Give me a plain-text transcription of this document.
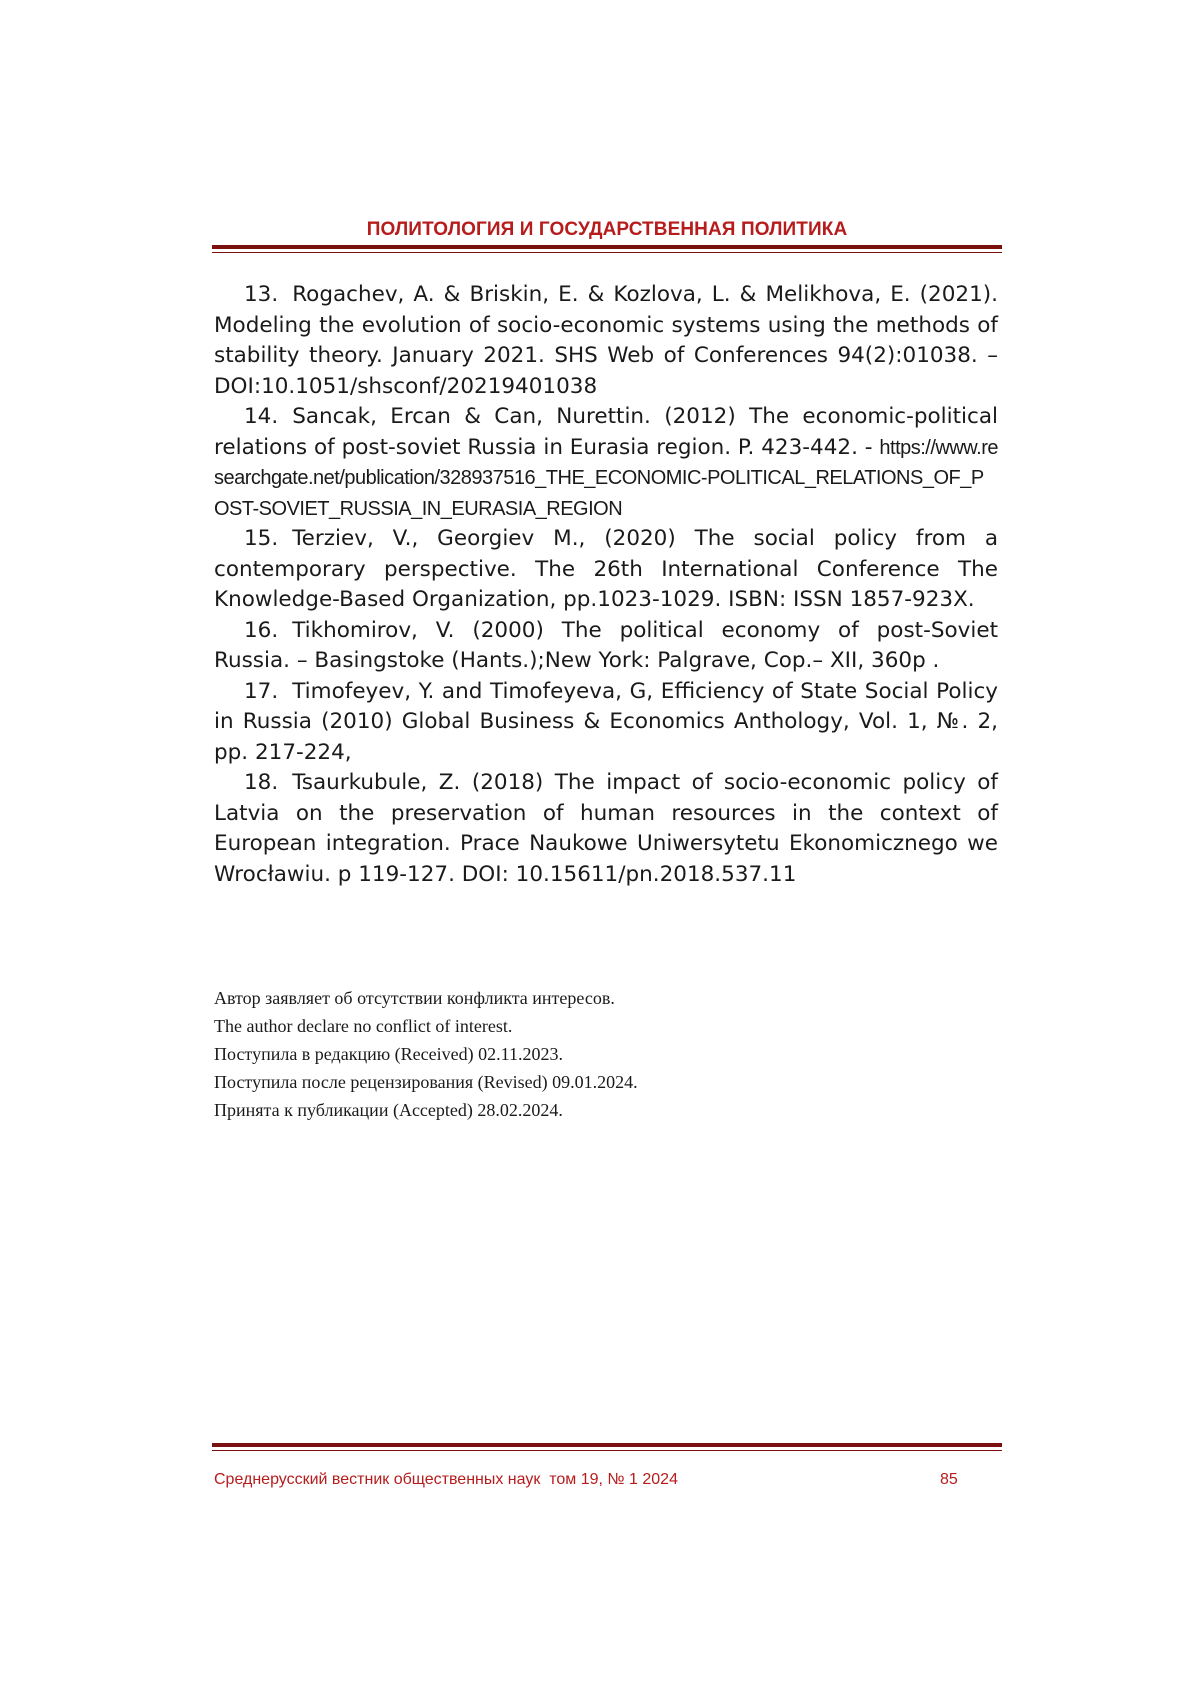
ПОЛИТОЛОГИЯ И ГОСУДАРСТВЕННАЯ ПОЛИТИКА

13. Rogachev, A. & Briskin, E. & Kozlova, L. & Melikhova, E. (2021). Modeling the evolution of socio-economic systems using the methods of stability theory. January 2021. SHS Web of Conferences 94(2):01038. – DOI:10.1051/shsconf/20219401038

14. Sancak, Ercan & Can, Nurettin. (2012) The economic-political relations of post-soviet Russia in Eurasia region. P. 423-442. - https://www.researchgate.net/publication/328937516_THE_ECONOMIC-POLITICAL_RELATIONS_OF_POST-SOVIET_RUSSIA_IN_EURASIA_REGION

15. Terziev, V., Georgiev M., (2020) The social policy from a contemporary perspective. The 26th International Conference The Knowledge-Based Organization, pp.1023-1029. ISBN: ISSN 1857-923X.

16. Tikhomirov, V. (2000) The political economy of post-Soviet Russia. – Basingstoke (Hants.);New York: Palgrave, Cop.– XII, 360p .

17. Timofeyev, Y. and Timofeyeva, G, Efficiency of State Social Policy in Russia (2010) Global Business & Economics Anthology, Vol. 1, №. 2, pp. 217-224,

18. Tsaurkubule, Z. (2018) The impact of socio-economic policy of Latvia on the preservation of human resources in the context of European integration. Prace Naukowe Uniwersytetu Ekonomicznego we Wrocławiu. p 119-127. DOI: 10.15611/pn.2018.537.11

Автор заявляет об отсутствии конфликта интересов.
The author declare no conflict of interest.
Поступила в редакцию (Received) 02.11.2023.
Поступила после рецензирования (Revised) 09.01.2024.
Принята к публикации (Accepted) 28.02.2024.
Среднерусский вестник общественных наук  том 19, № 1 2024	85
